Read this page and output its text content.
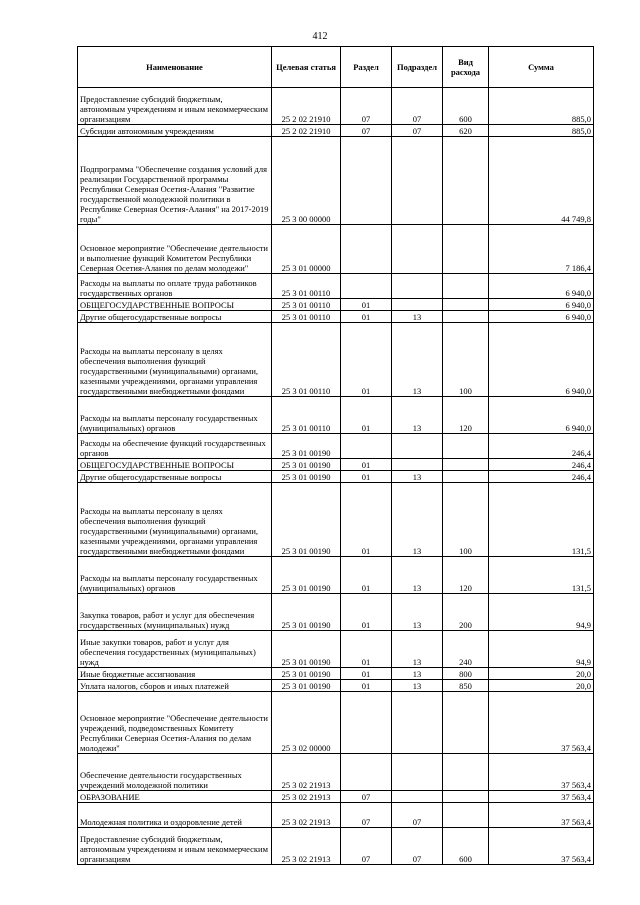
412
Наименование	Целевая статья	Раздел	Подраздел	Вид расхода	Сумма
Предоставление субсидий бюджетным, автономным учреждениям и иным некоммерческим организациям	25 2 02 21910	07	07	600	885,0
Субсидии автономным учреждениям	25 2 02 21910	07	07	620	885,0
Подпрограмма "Обеспечение создания условий для реализации Государственной программы Республики Северная Осетия-Алания "Развитие государственной молодежной политики в Республике Северная Осетия-Алания" на 2017-2019 годы"	25 3 00 00000				44 749,8
Основное мероприятие "Обеспечение деятельности и выполнение функций Комитетом Республики Северная Осетия-Алания по делам молодежи"	25 3 01 00000				7 186,4
Расходы на выплаты по оплате труда работников государственных органов	25 3 01 00110				6 940,0
ОБЩЕГОСУДАРСТВЕННЫЕ ВОПРОСЫ	25 3 01 00110	01			6 940,0
Другие общегосударственные вопросы	25 3 01 00110	01	13		6 940,0
Расходы на выплаты персоналу в целях обеспечения выполнения функций государственными (муниципальными) органами, казенными учреждениями, органами управления государственными внебюджетными фондами	25 3 01 00110	01	13	100	6 940,0
Расходы на выплаты персоналу государственных (муниципальных) органов	25 3 01 00110	01	13	120	6 940,0
Расходы на обеспечение функций государственных органов	25 3 01 00190				246,4
ОБЩЕГОСУДАРСТВЕННЫЕ ВОПРОСЫ	25 3 01 00190	01			246,4
Другие общегосударственные вопросы	25 3 01 00190	01	13		246,4
Расходы на выплаты персоналу в целях обеспечения выполнения функций государственными (муниципальными) органами, казенными учреждениями, органами управления государственными внебюджетными фондами	25 3 01 00190	01	13	100	131,5
Расходы на выплаты персоналу государственных (муниципальных) органов	25 3 01 00190	01	13	120	131,5
Закупка товаров, работ и услуг для обеспечения государственных (муниципальных) нужд	25 3 01 00190	01	13	200	94,9
Иные закупки товаров, работ и услуг для обеспечения государственных (муниципальных) нужд	25 3 01 00190	01	13	240	94,9
Иные бюджетные ассигнования	25 3 01 00190	01	13	800	20,0
Уплата налогов, сборов и иных платежей	25 3 01 00190	01	13	850	20,0
Основное мероприятие "Обеспечение деятельности учреждений, подведомственных Комитету Республики Северная Осетия-Алания по делам молодежи"	25 3 02 00000				37 563,4
Обеспечение деятельности государственных учреждений молодежной политики	25 3 02 21913				37 563,4
ОБРАЗОВАНИЕ	25 3 02 21913	07			37 563,4
Молодежная политика и оздоровление детей	25 3 02 21913	07	07		37 563,4
Предоставление субсидий бюджетным, автономным учреждениям и иным некоммерческим организациям	25 3 02 21913	07	07	600	37 563,4
